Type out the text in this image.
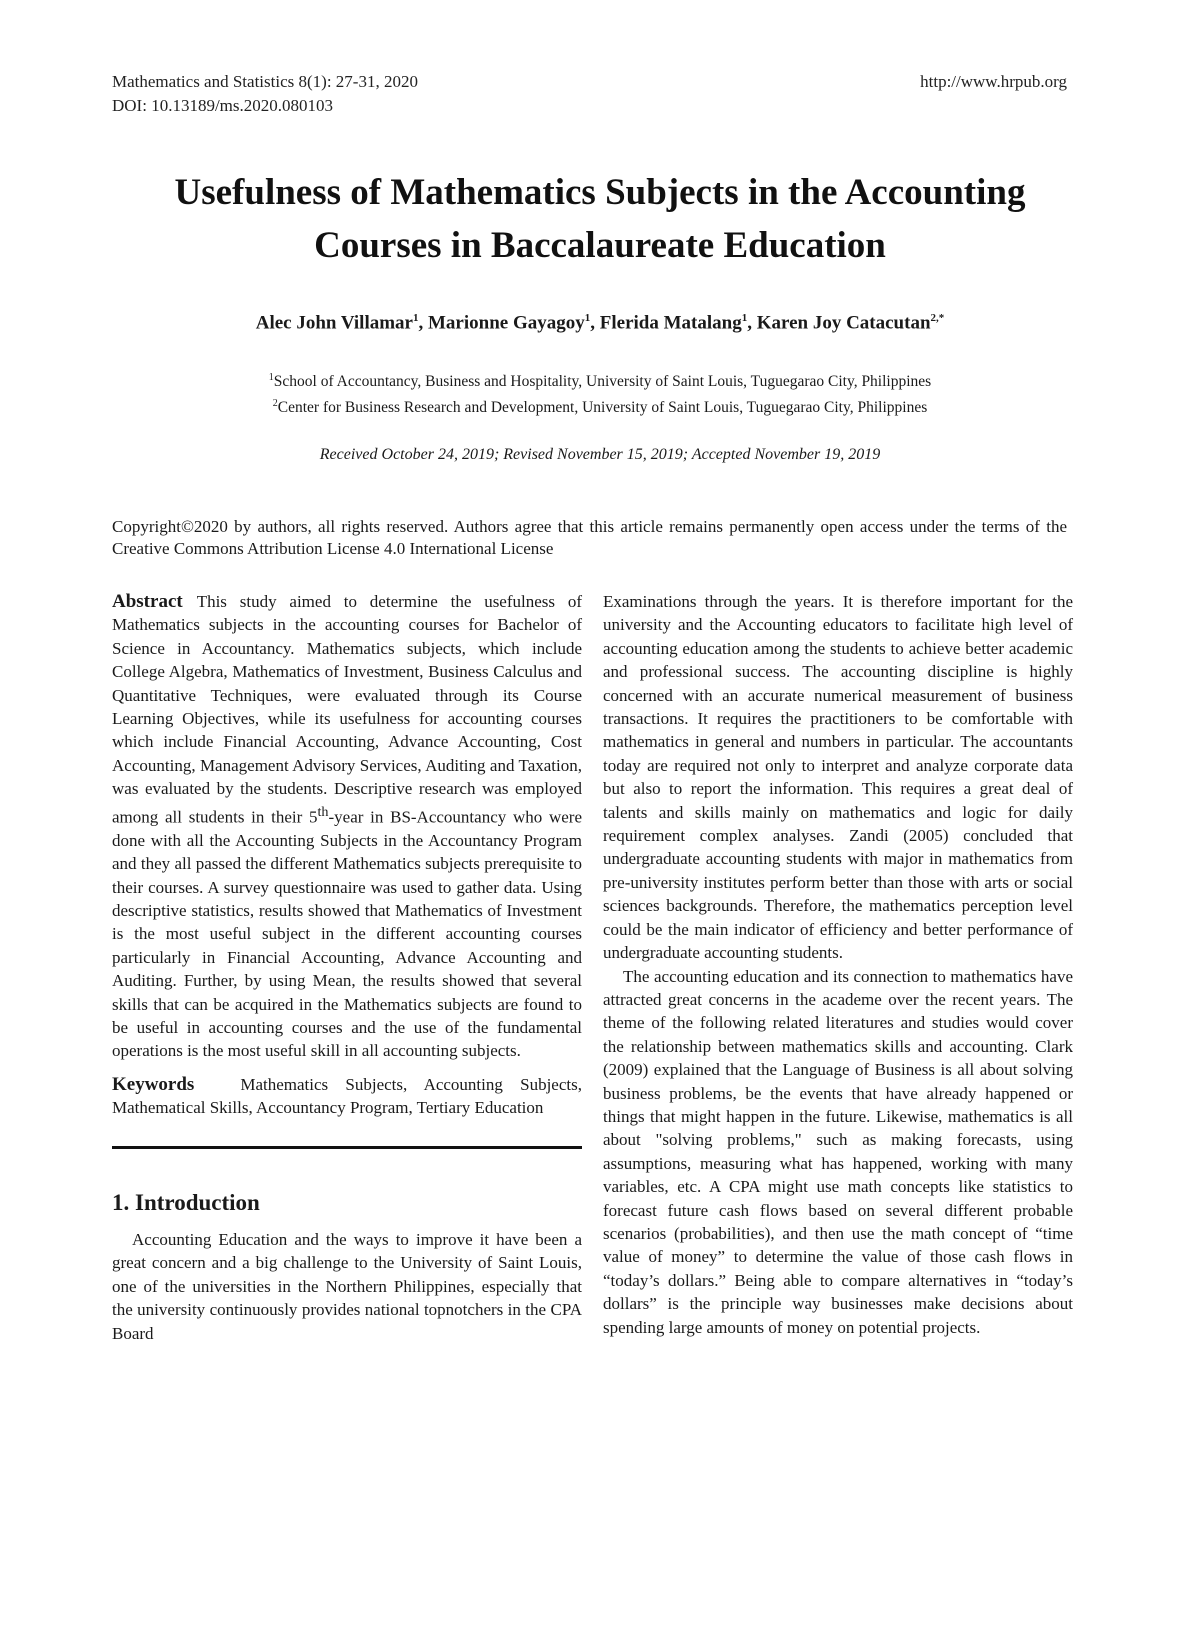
Mathematics and Statistics 8(1): 27-31, 2020
DOI: 10.13189/ms.2020.080103
http://www.hrpub.org
Usefulness of Mathematics Subjects in the Accounting
Courses in Baccalaureate Education
Alec John Villamar$^1$, Marionne Gayagoy$^1$, Flerida Matalang$^1$, Karen Joy Catacutan$^{2,*}$
$^1$School of Accountancy, Business and Hospitality, University of Saint Louis, Tuguegarao City, Philippines
$^2$Center for Business Research and Development, University of Saint Louis, Tuguegarao City, Philippines
Received October 24, 2019; Revised November 15, 2019; Accepted November 19, 2019
Copyright©2020 by authors, all rights reserved. Authors agree that this article remains permanently open access under the terms of the Creative Commons Attribution License 4.0 International License

Abstract This study aimed to determine the usefulness of Mathematics subjects in the accounting courses for Bachelor of Science in Accountancy. Mathematics subjects, which include College Algebra, Mathematics of Investment, Business Calculus and Quantitative Techniques, were evaluated through its Course Learning Objectives, while its usefulness for accounting courses which include Financial Accounting, Advance Accounting, Cost Accounting, Management Advisory Services, Auditing and Taxation, was evaluated by the students. Descriptive research was employed among all students in their 5th-year in BS-Accountancy who were done with all the Accounting Subjects in the Accountancy Program and they all passed the different Mathematics subjects prerequisite to their courses. A survey questionnaire was used to gather data. Using descriptive statistics, results showed that Mathematics of Investment is the most useful subject in the different accounting courses particularly in Financial Accounting, Advance Accounting and Auditing. Further, by using Mean, the results showed that several skills that can be acquired in the Mathematics subjects are found to be useful in accounting courses and the use of the fundamental operations is the most useful skill in all accounting subjects.

Keywords	Mathematics Subjects, Accounting Subjects, Mathematical Skills, Accountancy Program, Tertiary Education

1. Introduction

Accounting Education and the ways to improve it have been a great concern and a big challenge to the University of Saint Louis, one of the universities in the Northern Philippines, especially that the university continuously provides national topnotchers in the CPA Board

Examinations through the years. It is therefore important for the university and the Accounting educators to facilitate high level of accounting education among the students to achieve better academic and professional success. The accounting discipline is highly concerned with an accurate numerical measurement of business transactions. It requires the practitioners to be comfortable with mathematics in general and numbers in particular. The accountants today are required not only to interpret and analyze corporate data but also to report the information. This requires a great deal of talents and skills mainly on mathematics and logic for daily requirement complex analyses. Zandi (2005) concluded that undergraduate accounting students with major in mathematics from pre-university institutes perform better than those with arts or social sciences backgrounds. Therefore, the mathematics perception level could be the main indicator of efficiency and better performance of undergraduate accounting students.

The accounting education and its connection to mathematics have attracted great concerns in the academe over the recent years. The theme of the following related literatures and studies would cover the relationship between mathematics skills and accounting. Clark (2009) explained that the Language of Business is all about solving business problems, be the events that have already happened or things that might happen in the future. Likewise, mathematics is all about "solving problems," such as making forecasts, using assumptions, measuring what has happened, working with many variables, etc. A CPA might use math concepts like statistics to forecast future cash flows based on several different probable scenarios (probabilities), and then use the math concept of “time value of money” to determine the value of those cash flows in “today’s dollars.” Being able to compare alternatives in “today’s dollars” is the principle way businesses make decisions about spending large amounts of money on potential projects.
